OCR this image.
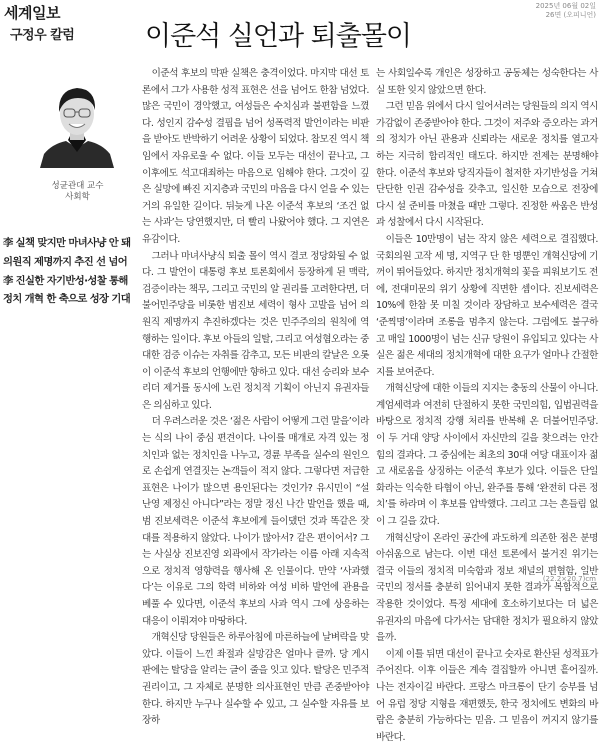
세계일보
구정우 칼럼	이준석 실언과 퇴출몰이
2025년 06월 02일
26면 (오피니언)
성균관대 교수
사회학
李 실책 맞지만 마녀사냥 안 돼
의원직 제명까지 추진 선 넘어
李 진실한 자기반성·성찰 통해
정치 개혁 한 축으로 성장 기대

이준석 후보의 막판 실책은 충격이었다. 마지막 대선 토론에서 그가 사용한 성적 표현은 선을 넘어도 한참 넘었다. 많은 국민이 경악했고, 여성들은 수치심과 불편함을 느꼈다. 성인지 감수성 결핍을 넘어 성폭력적 발언이라는 비판을 받아도 반박하기 어려운 상황이 되었다. 참모진 역시 책임에서 자유로울 수 없다. 이들 모두는 대선이 끝나고, 그 이후에도 석고대죄하는 마음으로 임해야 한다. 그것이 깊은 실망에 빠진 지지층과 국민의 마음을 다시 얻을 수 있는 거의 유일한 길이다. 뒤늦게 나온 이준석 후보의 ‘조건 없는 사과’는 당연했지만, 더 빨리 나왔어야 했다. 그 지연은 유감이다.

그러나 마녀사냥식 퇴출 몰이 역시 결코 정당화될 수 없다. 그 발언이 대통령 후보 토론회에서 등장하게 된 맥락, 검증이라는 책무, 그리고 국민의 알 권리를 고려한다면, 더불어민주당을 비롯한 범진보 세력이 형사 고발을 넘어 의원직 제명까지 추진하겠다는 것은 민주주의의 원칙에 역행하는 일이다. 후보 아들의 일탈, 그리고 여성혐오라는 중대한 검증 이슈는 자취를 감추고, 모든 비판의 칼날은 오롯이 이준석 후보의 언행에만 향하고 있다. 대선 승리와 보수 리더 제거를 동시에 노린 정치적 기획이 아닌지 유권자들은 의심하고 있다.

더 우려스러운 것은 ‘젊은 사람이 어떻게 그런 말을’이라는 식의 나이 중심 편견이다. 나이를 매개로 자격 있는 정치인과 없는 정치인을 나누고, 경륜 부족을 실수의 원인으로 손쉽게 연결짓는 논객들이 적지 않다. 그렇다면 저급한 표현은 나이가 많으면 용인된다는 것인가? 유시민이 “설난영 제정신 아니다”라는 정말 정신 나간 발언을 했을 때, 범 진보세력은 이준석 후보에게 들이댔던 것과 똑같은 잣대를 적용하지 않았다. 나이가 많아서? 같은 편이어서? 그는 사실상 진보진영 외곽에서 작가라는 이름 아래 지속적으로 정치적 영향력을 행사해 온 인물이다. 만약 ‘사과했다’는 이유로 그의 학력 비하와 여성 비하 발언에 관용을 베풀 수 있다면, 이준석 후보의 사과 역시 그에 상응하는 대응이 이뤄져야 마땅하다.

개혁신당 당원들은 하루아침에 마른하늘에 날벼락을 맞았다. 이들이 느낀 좌절과 실망감은 얼마나 클까. 당 게시판에는 탈당을 알리는 글이 줄을 잇고 있다. 탈당은 민주적 권리이고, 그 자체로 분명한 의사표현인 만큼 존중받아야 한다. 하지만 누구나 실수할 수 있고, 그 실수할 자유를 보장하

는 사회일수록 개인은 성장하고 공동체는 성숙한다는 사실 또한 잊지 않았으면 한다.

그런 믿음 위에서 다시 일어서려는 당원들의 의지 역시 가감없이 존중받아야 한다. 그것이 저주와 증오라는 과거의 정치가 아닌 관용과 신뢰라는 새로운 정치를 열고자 하는 지극히 합리적인 태도다. 하지만 전제는 분명해야 한다. 이준석 후보와 당직자들이 철저한 자기반성을 거쳐 단단한 인권 감수성을 갖추고, 일신한 모습으로 전장에 다시 설 준비를 마쳤을 때만 그렇다. 진정한 싸움은 반성과 성찰에서 다시 시작된다.

이들은 10만명이 넘는 작지 않은 세력으로 결집했다. 국회의원 고작 세 명, 지역구 단 한 명뿐인 개혁신당에 기꺼이 뛰어들었다. 하지만 정치개혁의 꽃을 피워보기도 전에, 전대미문의 위기 상황에 직면한 셈이다. 진보세력은 10%에 한참 못 미칠 것이라 장담하고 보수세력은 결국 ‘준찍명’이라며 조롱을 멈추지 않는다. 그럼에도 불구하고 매일 1000명이 넘는 신규 당원이 유입되고 있다는 사실은 젊은 세대의 정치개혁에 대한 요구가 얼마나 간절한지를 보여준다.

개혁신당에 대한 이들의 지지는 충동의 산물이 아니다. 계엄세력과 여전히 단절하지 못한 국민의힘, 입법권력을 바탕으로 정치적 강행 처리를 반복해 온 더불어민주당. 이 두 거대 양당 사이에서 자신만의 길을 찾으려는 안간힘의 결과다. 그 중심에는 최초의 30대 여당 대표이자 젊고 새로움을 상징하는 이준석 후보가 있다. 이들은 단일화라는 익숙한 타협이 아닌, 완주를 통해 ‘완전히 다른 정치’를 하라며 이 후보를 압박했다. 그리고 그는 흔들림 없이 그 길을 갔다.

개혁신당이 온라인 공간에 과도하게 의존한 점은 분명 아쉬움으로 남는다. 이번 대선 토론에서 불거진 위기는 결국 이들의 정치적 미숙함과 정보 채널의 편협함, 일반 국민의 정서를 충분히 읽어내지 못한 결과가 복합적으로 작용한 것이었다. 특정 세대에 호소하기보다는 더 넓은 유권자의 마음에 다가서는 담대한 정치가 필요하지 않았을까.

이제 이틀 뒤면 대선이 끝나고 숫자로 환산된 성적표가 주어진다. 이후 이들은 계속 결집할까 아니면 흩어질까. 나는 전자이길 바란다. 프랑스 마크롱이 단기 승부를 넘어 유럽 정당 지형을 재편했듯, 한국 정치에도 변화의 바람은 충분히 가능하다는 믿음. 그 믿음이 꺼지지 않기를 바란다.

(22.2×20.7)cm
